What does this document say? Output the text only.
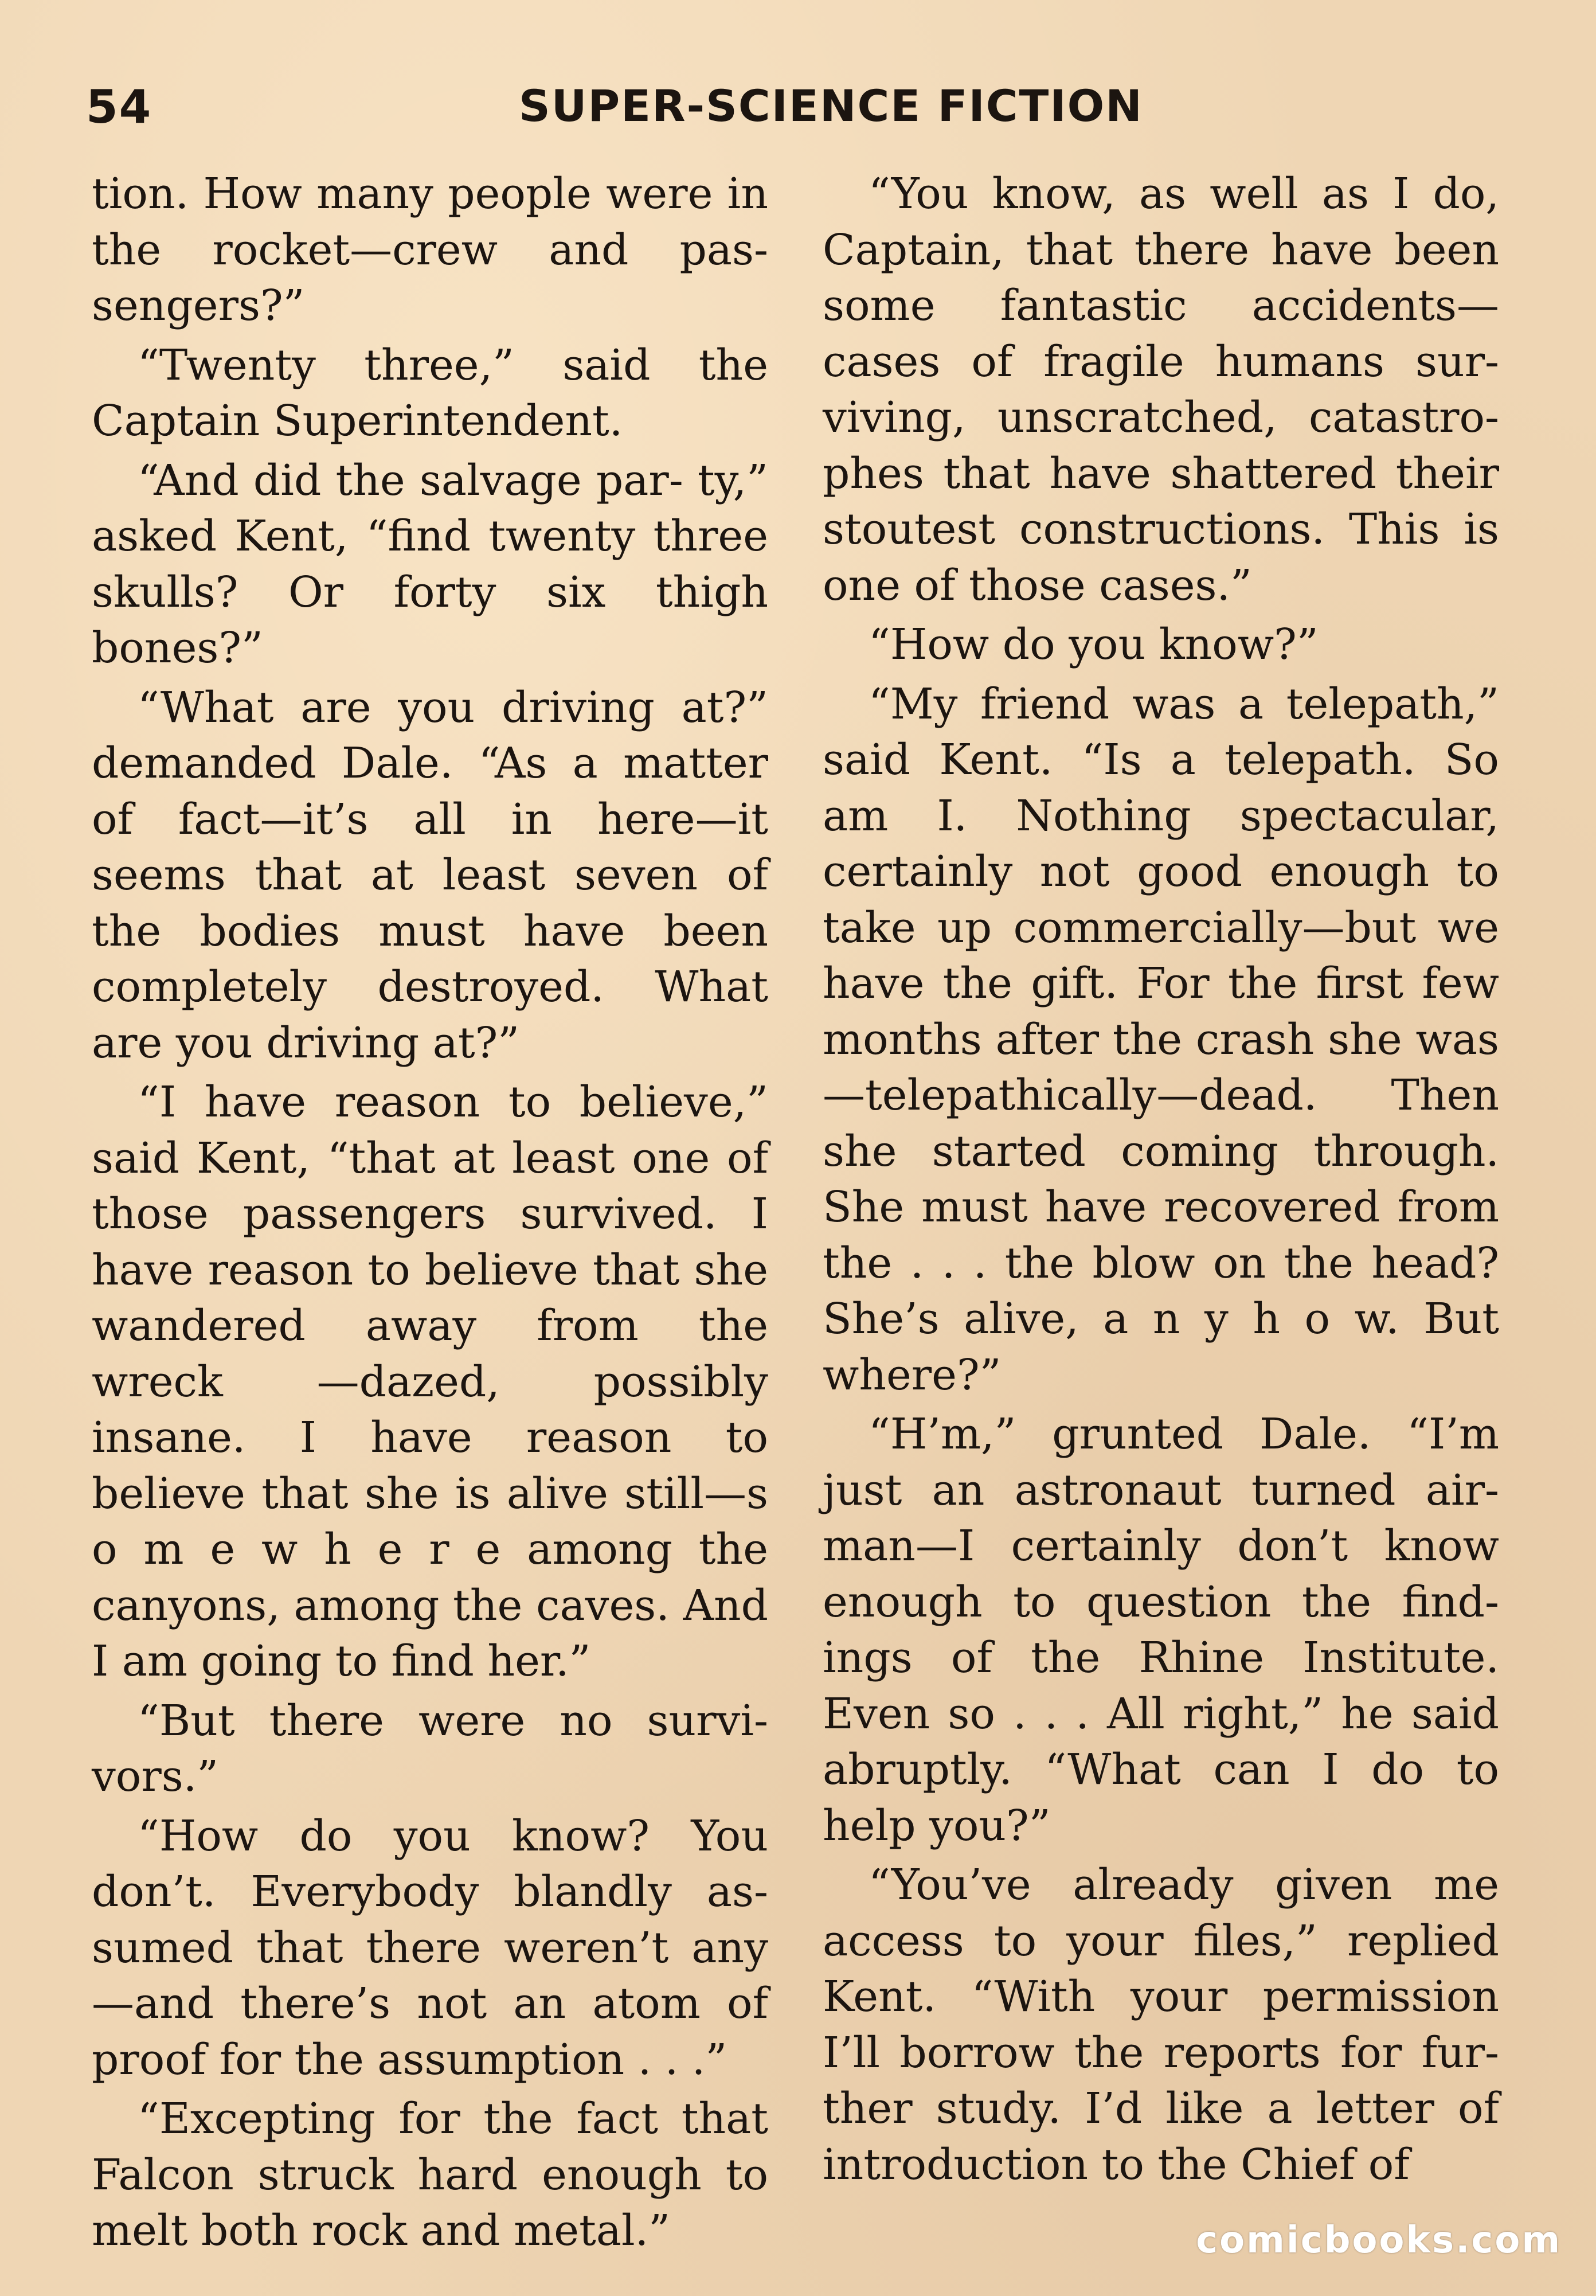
54	SUPER-SCIENCE FICTION

tion. How many people were in the rocket—crew and pas- sengers?”

“Twenty three,” said the Captain Superintendent.

“And did the salvage par- ty,” asked Kent, “find twenty three skulls? Or forty six thigh bones?”

“What are you driving at?” demanded Dale. “As a matter of fact—it’s all in here—it seems that at least seven of the bodies must have been completely destroyed. What are you driving at?”

“I have reason to believe,” said Kent, “that at least one of those passengers survived. I have reason to believe that she wandered away from the wreck —dazed, possibly insane. I have reason to believe that she is alive still—s o m e w h e r e among the canyons, among the caves. And I am going to find her.”

“But there were no survi- vors.”

“How do you know? You don’t. Everybody blandly as- sumed that there weren’t any —and there’s not an atom of proof for the assumption . . .”

“Excepting for the fact that Falcon struck hard enough to melt both rock and metal.”

“You know, as well as I do, Captain, that there have been some fantastic accidents— cases of fragile humans sur- viving, unscratched, catastro- phes that have shattered their stoutest constructions. This is one of those cases.”

“How do you know?”

“My friend was a telepath,” said Kent. “Is a telepath. So am I. Nothing spectacular, certainly not good enough to take up commercially—but we have the gift. For the first few months after the crash she was —telepathically—dead. Then she started coming through. She must have recovered from the . . . the blow on the head? She’s alive, a n y h o w. But where?”

“H’m,” grunted Dale. “I’m just an astronaut turned air- man—I certainly don’t know enough to question the find- ings of the Rhine Institute. Even so . . . All right,” he said abruptly. “What can I do to help you?”

“You’ve already given me access to your files,” replied Kent. “With your permission I’ll borrow the reports for fur- ther study. I’d like a letter of introduction to the Chief of

comicbooks.com
